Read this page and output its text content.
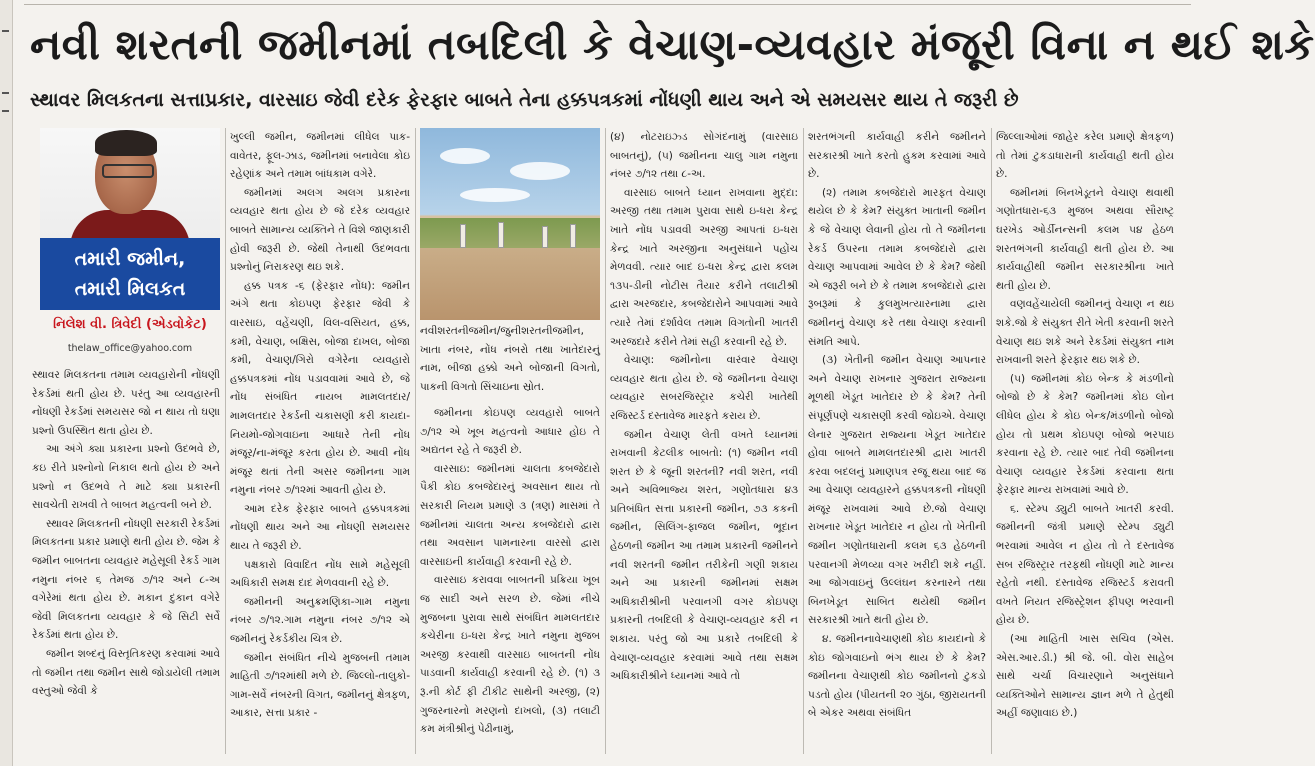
નવી શરતની જમીનમાં તબદિલી કે વેચાણ-વ્યવહાર મંજૂરી વિના ન થઈ શકે
સ્થાવર મિલકતના સત્તાપ્રકાર, વારસાઇ જેવી દરેક ફેરફાર બાબતે તેના હક્કપત્રકમાં નોંધણી થાય અને એ સમયસર થાય તે જરૂરી છે
તમારી જમીન,
તમારી મિલકત
નિલેશ વી. ત્રિવેદી (એડવોકેટ)
thelaw_office@yahoo.com

સ્થાવર મિલકતના તમામ વ્યવહારોની નોંધણી રેકર્ડમાં થતી હોય છે. પરંતુ આ વ્યવહારની નોંધણી રેકર્ડમાં સમયસર જો ન થાય તો ઘણા પ્રશ્નો ઉપસ્થિત થતા હોય છે.

આ અંગે ક્યા પ્રકારના પ્રશ્નો ઉદભવે છે, કઇ રીતે પ્રશ્નોનો નિકાલ થતો હોય છે અને પ્રશ્નો ન ઉદભવે તે માટે ક્યા પ્રકારની સાવચેતી રાખવી તે બાબત મહત્વની બને છે.

સ્થાવર મિલકતની નોંધણી સરકારી રેકર્ડમાં મિલકતના પ્રકાર પ્રમાણે થતી હોય છે. જેમ કે જમીન બાબતના વ્યવહાર મહેસૂલી રેકર્ડ ગામ નમુના નંબર ૬ તેમજ ૭/૧૨ અને ૮-અ વગેરેમાં થતા હોય છે. મકાન દુકાન વગેરે જેવી મિલકતના વ્યવહાર કે જે સિટી સર્વે રેકર્ડમાં થતા હોય છે.

જમીન શબ્દનું વિસ્તૃતિકરણ કરવામાં આવે તો જમીન તથા જમીન સાથે જોડાયેલી તમામ વસ્તુઓ જેવી કે

ખુલ્લી જમીન, જમીનમાં લીધેલ પાક-વાવેતર, ફૂલ-ઝાડ, જમીનમાં બનાવેલા કોઇ રહેણાંક અને તમામ બાંધકામ વગેરે.

જમીનમાં અલગ અલગ પ્રકારના વ્યવહાર થતા હોય છે જે દરેક વ્યવહાર બાબતે સામાન્ય વ્યક્તિને તે વિશે જાણકારી હોવી જરૂરી છે. જેથી તેનાથી ઉદભવતા પ્રશ્નોનું નિરાકરણ થઇ શકે.

હક્ક પત્રક -૬ (ફેરફાર નોંધ): જમીન અંગે થતા કોઇપણ ફેરફાર જેવી કે વારસાઇ, વહેંચણી, વિલ-વસિયત, હક્ક, કમી, વેચાણ, બક્ષિસ, બોજા દાખલ, બોજા કમી, વેચાણ/ગિરો વગેરેના વ્યવહારો હક્કપત્રકમાં નોંધ પડાવવામાં આવે છે, જે નોંધ સંબંધિત નાયબ મામલતદાર/મામલતદાર રેકર્ડની ચકાસણી કરી કાયદા-નિયમો-જોગવાઇના આધારે તેની નોંધ મંજૂર/ના-મંજૂર કરતા હોય છે. આવી નોંધ મંજૂર થતાં તેની અસર જમીનના ગામ નમુના નંબર ૭/૧૨માં આવતી હોય છે.

આમ દરેક ફેરફાર બાબતે હક્કપત્રકમાં નોંધણી થાય અને આ નોંધણી સમયસર થાય તે જરૂરી છે.

પક્ષકારો વિવાદિત નોંધ સામે મહેસૂલી અધિકારી સમક્ષ દાદ મેળવવાની રહે છે.

જમીનની અનુક્રમણિકા-ગામ નમુના નંબર ૭/૧૨.ગામ નમુના નંબર ૭/૧૨ એ જમીનનું રેકર્ડકીય ચિત્ર છે.

જમીન સંબંધિત નીચે મુજબની તમામ માહિતી ૭/૧૨માંથી મળે છે. જિલ્લો-તાલુકો-ગામ-સર્વે નંબરની વિગત, જમીનનું ક્ષેત્રફળ, આકાર, સત્તા પ્રકાર -

નવીશરતનીજમીન/જુનીશરતનીજમીન, ખાતા નંબર, નોંધ નંબરો તથા ખાતેદારનું નામ, બીજા હક્કો અને બોજાની વિગતો, પાકની વિગતો સિંચાઇના સ્રોત.

જમીનના કોઇપણ વ્યવહારો બાબતે ૭/૧૨ એ ખૂબ મહત્વનો આધાર હોઇ તે અદ્યતન રહે તે જરૂરી છે.

વારસાઇ: જમીનમાં ચાલતા કબજેદારો પૈકી કોઇ કબજેદારનું અવસાન થાય તો સરકારી નિયમ પ્રમાણે ૩ (ત્રણ) માસમાં તે જમીનમાં ચાલતા અન્ય કબજેદારો દ્વારા તથા અવસાન પામનારના વારસો દ્વારા વારસાઇની કાર્યવાહી કરવાની રહે છે.

વારસાઇ કરાવવા બાબતની પ્રક્રિયા ખૂબ જ સાદી અને સરળ છે. જેમાં નીચે મુજબના પુરાવા સાથે સંબંધિત મામલતદાર કચેરીના ઇ-ધરા કેન્દ્ર ખાતે નમુના મુજબ અરજી કરવાથી વારસાઇ બાબતની નોંધ પાડવાની કાર્યવાહી કરવાની રહે છે. (૧) ૩ રૂ.ની કોર્ટ ફી ટીકીટ સાથેની અરજી, (૨) ગુજરનારનો મરણનો દાખલો, (૩) તલાટી કમ મંત્રીશ્રીનું પેઢીનામું,

(૪) નોટરાઇઝ્ડ સોગંદનામું (વારસાઇ બાબતનું), (૫) જમીનના ચાલુ ગામ નમુના નંબર ૭/૧૨ તથા ૮-અ.

વારસાઇ બાબતે ધ્યાન રાખવાના મુદ્દા: અરજી તથા તમામ પુરાવા સાથે ઇ-ધરા કેન્દ્ર ખાતે નોંધ પડાવવી અરજી આપતાં ઇ-ધરા કેન્દ્ર ખાતે અરજીના અનુસંધાને પહોંચ મેળવવી. ત્યાર બાદ ઇ-ધરા કેન્દ્ર દ્વારા કલમ ૧૩૫-ડીની નોટીસ તૈયાર કરીને તલાટીશ્રી દ્વારા અરજદાર, કબજેદારોને આપવામાં આવે ત્યારે તેમાં દર્શાવેલ તમામ વિગતોની ખાતરી અરજદારે કરીને તેમાં સહી કરવાની રહે છે.

વેચાણ: જમીનોના વારંવાર વેચાણ વ્યવહાર થતા હોય છે. જે જમીનના વેચાણ વ્યવહાર સબરજિસ્ટ્રાર કચેરી ખાતેથી રજિસ્ટર્ડ દસ્તાવેજ મારફતે કરાય છે.

જમીન વેચાણ લેતી વખતે ધ્યાનમાં રાખવાની કેટલીક બાબતો: (૧) જમીન નવી શરત છે કે જૂની શરતની? નવી શરત, નવી અને અવિભાજ્ય શરત, ગણોતધારા ૪૩ પ્રતિબંધિત સત્તા પ્રકારની જમીન, ૭૩ કકની જમીન, સિલિંગ-ફાજલ જમીન, ભૂદાન હેઠળની જમીન આ તમામ પ્રકારની જમીનને નવી શરતની જમીન તરીકેની ગણી શકાય અને આ પ્રકારની જમીનમાં સક્ષમ અધિકારીશ્રીની પરવાનગી વગર કોઇપણ પ્રકારની તબદિલી કે વેચાણ-વ્યવહાર કરી ન શકાય. પરંતુ જો આ પ્રકારે તબદિલી કે વેચાણ-વ્યવહાર કરવામાં આવે તથા સક્ષમ અધિકારીશ્રીને ધ્યાનમાં આવે તો

શરતભંગની કાર્યવાહી કરીને જમીનને સરકારશ્રી ખાતે કરતો હુકમ કરવામાં આવે છે.

(૨) તમામ કબજેદારો મારફત વેચાણ થયેલ છે કે કેમ? સંયુક્ત ખાતાની જમીન કે જે વેચાણ લેવાની હોય તો તે જમીનના રેકર્ડ ઉપરના તમામ કબજેદારો દ્વારા વેચાણ આપવામાં આવેલ છે કે કેમ? જેથી એ જરૂરી બને છે કે તમામ કબજેદારો દ્વારા રૂબરૂમાં કે કુલમુખત્યારનામા દ્વારા જમીનનું વેચાણ કરે તથા વેચાણ કરવાની સંમતિ આપે.

(૩) ખેતીની જમીન વેચાણ આપનાર અને વેચાણ રાખનાર ગુજરાત રાજ્યના મૂળથી ખેડૂત ખાતેદાર છે કે કેમ? તેની સંપૂર્ણપણે ચકાસણી કરવી જોઇએ. વેચાણ લેનાર ગુજરાત રાજ્યના ખેડૂત ખાતેદાર હોવા બાબતે મામલતદારશ્રી દ્વારા ખાતરી કરવા બદલનું પ્રમાણપત્ર રજૂ થયા બાદ જ આ વેચાણ વ્યવહારને હક્કપત્રકની નોંધણી મંજૂર રાખવામાં આવે છે.જો વેચાણ રાખનાર ખેડૂત ખાતેદાર ન હોય તો ખેતીની જમીન ગણોતધારાની કલમ ૬૩ હેઠળની પરવાનગી મેળવ્યા વગર ખરીદી શકે નહીં. આ જોગવાઇનું ઉલ્લંઘન કરનારને તથા બિનખેડૂત સાબિત થયેથી જમીન સરકારશ્રી ખાતે થતી હોય છે.

૪. જમીનનાવેચાણથી કોઇ કાયદાનો કે કોઇ જોગવાઇનો ભંગ થાય છે કે કેમ? જમીનના વેચાણથી કોઇ જમીનનો ટુકડો પડતો હોય (પીયતની ૨૦ ગુંઠા, જીરાયતની બે એકર અથવા સંબંધિત

જિલ્લાઓમાં જાહેર કરેલ પ્રમાણે ક્ષેત્રફળ) તો તેમાં ટુકડાધારાની કાર્યવાહી થતી હોય છે.

જમીનમાં બિનખેડૂતને વેચાણ થવાથી ગણોતધારા-૬૩ મુજબ અથવા સૌરાષ્ટ્ર ઘરખેડ ઓર્ડીનન્સની કલમ ૫૪ હેઠળ શરતભંગની કાર્યવાહી થતી હોય છે. આ કાર્યવાહીથી જમીન સરકારશ્રીના ખાતે થતી હોય છે.

વણવહેંચાયેલી જમીનનું વેચાણ ન થઇ શકે.જો કે સંયુક્ત રીતે ખેતી કરવાની શરતે વેચાણ થઇ શકે અને રેકર્ડમાં સંયુક્ત નામ રાખવાની શરતે ફેરફાર થઇ શકે છે.

(૫) જમીનમાં કોઇ બેન્ક કે મંડળીનો બોજો છે કે કેમ? જમીનમાં કોઇ લોન લીધેલ હોય કે કોઇ બેન્ક/મંડળીનો બોજો હોય તો પ્રથમ કોઇપણ બોજો ભરપાઇ કરવાના રહે છે. ત્યાર બાદ તેવી જમીનના વેચાણ વ્યવહાર રેકર્ડમાં કરવાના થતા ફેરફાર માન્ય રાખવામાં આવે છે.

૬. સ્ટેમ્પ ડ્યુટી બાબતે ખાતરી કરવી. જમીનની જંત્રી પ્રમાણે સ્ટેમ્પ ડ્યુટી ભરવામાં આવેલ ન હોય તો તે દસ્તાવેજ સબ રજિસ્ટ્રાર તરફથી નોંધણી માટે માન્ય રહેતો નથી. દસ્તાવેજ રજિસ્ટર્ડ કરાવતી વખતે નિયત રજિસ્ટ્રેશન ફીપણ ભરવાની હોય છે.

(આ માહિતી ખાસ સચિવ (એસ. એસ.આર.ડી.) શ્રી જે. બી. વોરા સાહેબ સાથે ચર્ચા વિચારણાને અનુસંધાને વ્યક્તિઓને સામાન્ય જ્ઞાન મળે તે હેતુથી અહીં જણાવાઇ છે.)
